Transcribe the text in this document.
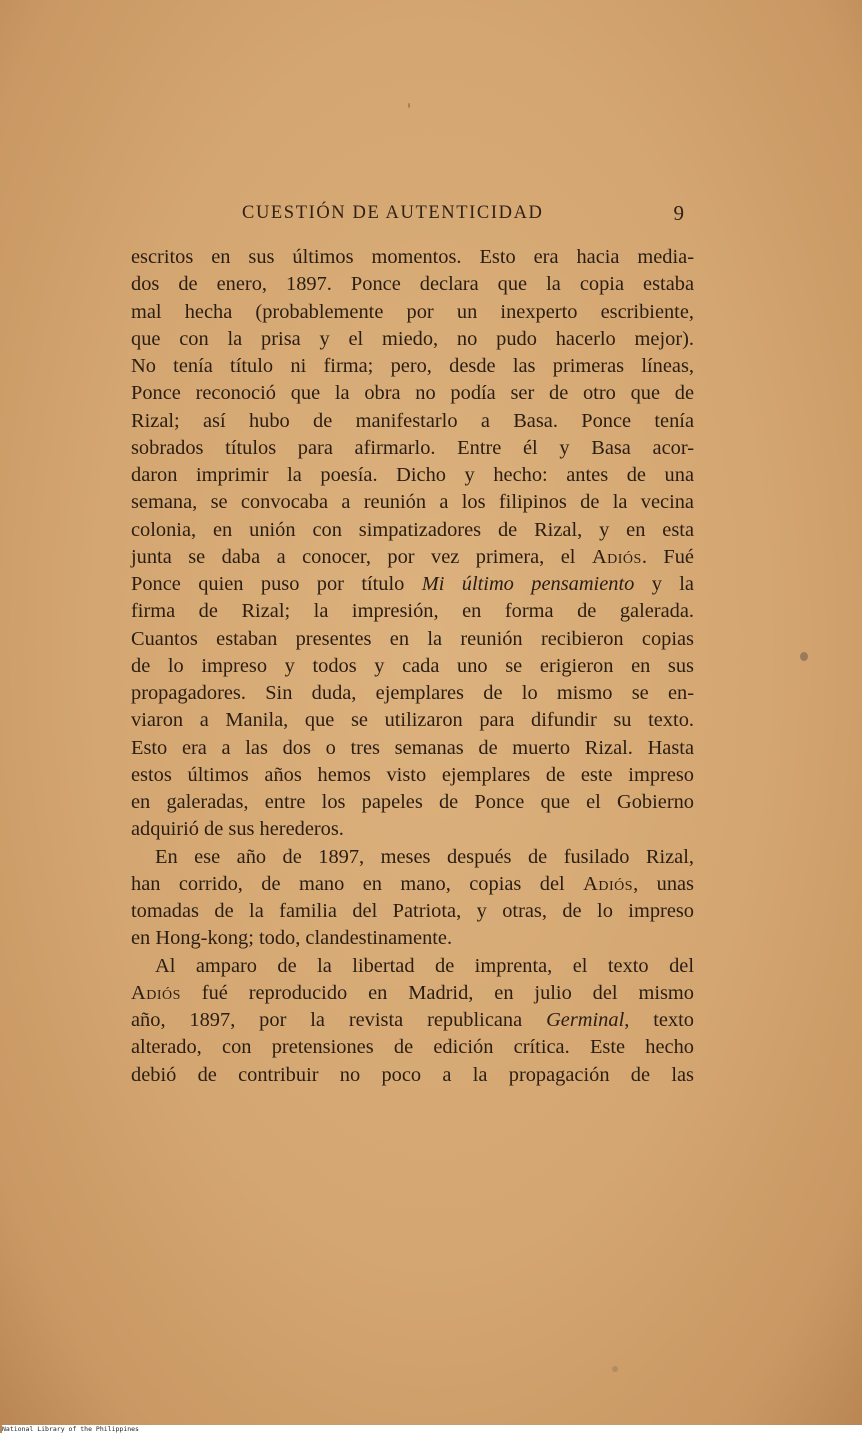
CUESTIÓN DE AUTENTICIDAD	9
escritos en sus últimos momentos. Esto era hacia media-
dos de enero, 1897. Ponce declara que la copia estaba
mal hecha (probablemente por un inexperto escribiente,
que con la prisa y el miedo, no pudo hacerlo mejor).
No tenía título ni firma; pero, desde las primeras líneas,
Ponce reconoció que la obra no podía ser de otro que de
Rizal; así hubo de manifestarlo a Basa. Ponce tenía
sobrados títulos para afirmarlo. Entre él y Basa acor-
daron imprimir la poesía. Dicho y hecho: antes de una
semana, se convocaba a reunión a los filipinos de la vecina
colonia, en unión con simpatizadores de Rizal, y en esta
junta se daba a conocer, por vez primera, el Adiós. Fué
Ponce quien puso por título Mi último pensamiento y la
firma de Rizal; la impresión, en forma de galerada.
Cuantos estaban presentes en la reunión recibieron copias
de lo impreso y todos y cada uno se erigieron en sus
propagadores. Sin duda, ejemplares de lo mismo se en-
viaron a Manila, que se utilizaron para difundir su texto.
Esto era a las dos o tres semanas de muerto Rizal. Hasta
estos últimos años hemos visto ejemplares de este impreso
en galeradas, entre los papeles de Ponce que el Gobierno
adquirió de sus herederos.
En ese año de 1897, meses después de fusilado Rizal,
han corrido, de mano en mano, copias del Adiós, unas
tomadas de la familia del Patriota, y otras, de lo impreso
en Hong-kong; todo, clandestinamente.
Al amparo de la libertad de imprenta, el texto del
Adiós fué reproducido en Madrid, en julio del mismo
año, 1897, por la revista republicana Germinal, texto
alterado, con pretensiones de edición crítica. Este hecho
debió de contribuir no poco a la propagación de las
National Library of the Philippines
